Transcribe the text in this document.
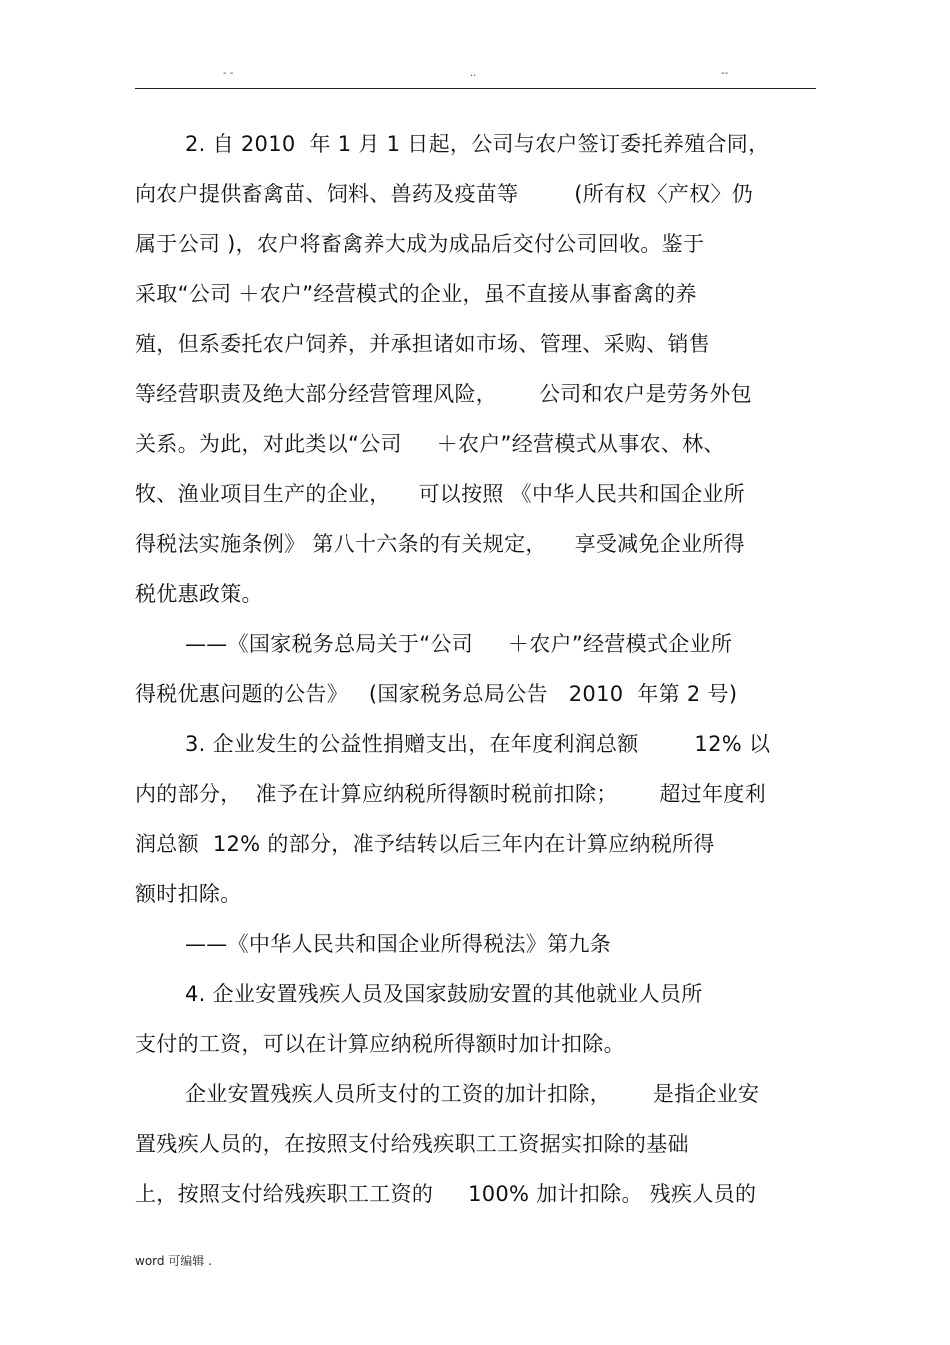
- -	..	--
2. 自 2010  年 1 月 1 日起，公司与农户签订委托养殖合同，
向农户提供畜禽苗、饲料、兽药及疫苗等        (所有权〈产权〉仍
属于公司 )，农户将畜禽养大成为成品后交付公司回收。鉴于
采取“公司 ＋农户”经营模式的企业，虽不直接从事畜禽的养
殖，但系委托农户饲养，并承担诸如市场、管理、采购、销售
等经营职责及绝大部分经营管理风险，      公司和农户是劳务外包
关系。为此，对此类以“公司     ＋农户”经营模式从事农、林、
牧、渔业项目生产的企业，    可以按照 《中华人民共和国企业所
得税法实施条例》 第八十六条的有关规定，    享受减免企业所得
税优惠政策。
——《国家税务总局关于“公司     ＋农户”经营模式企业所
得税优惠问题的公告》   (国家税务总局公告   2010  年第 2 号)
3. 企业发生的公益性捐赠支出，在年度利润总额        12% 以
内的部分，  准予在计算应纳税所得额时税前扣除；      超过年度利
润总额  12% 的部分，准予结转以后三年内在计算应纳税所得
额时扣除。
——《中华人民共和国企业所得税法》第九条
4. 企业安置残疾人员及国家鼓励安置的其他就业人员所
支付的工资，可以在计算应纳税所得额时加计扣除。
企业安置残疾人员所支付的工资的加计扣除，      是指企业安
置残疾人员的，在按照支付给残疾职工工资据实扣除的基础
上，按照支付给残疾职工工资的     100% 加计扣除。 残疾人员的
word 可编辑 .
